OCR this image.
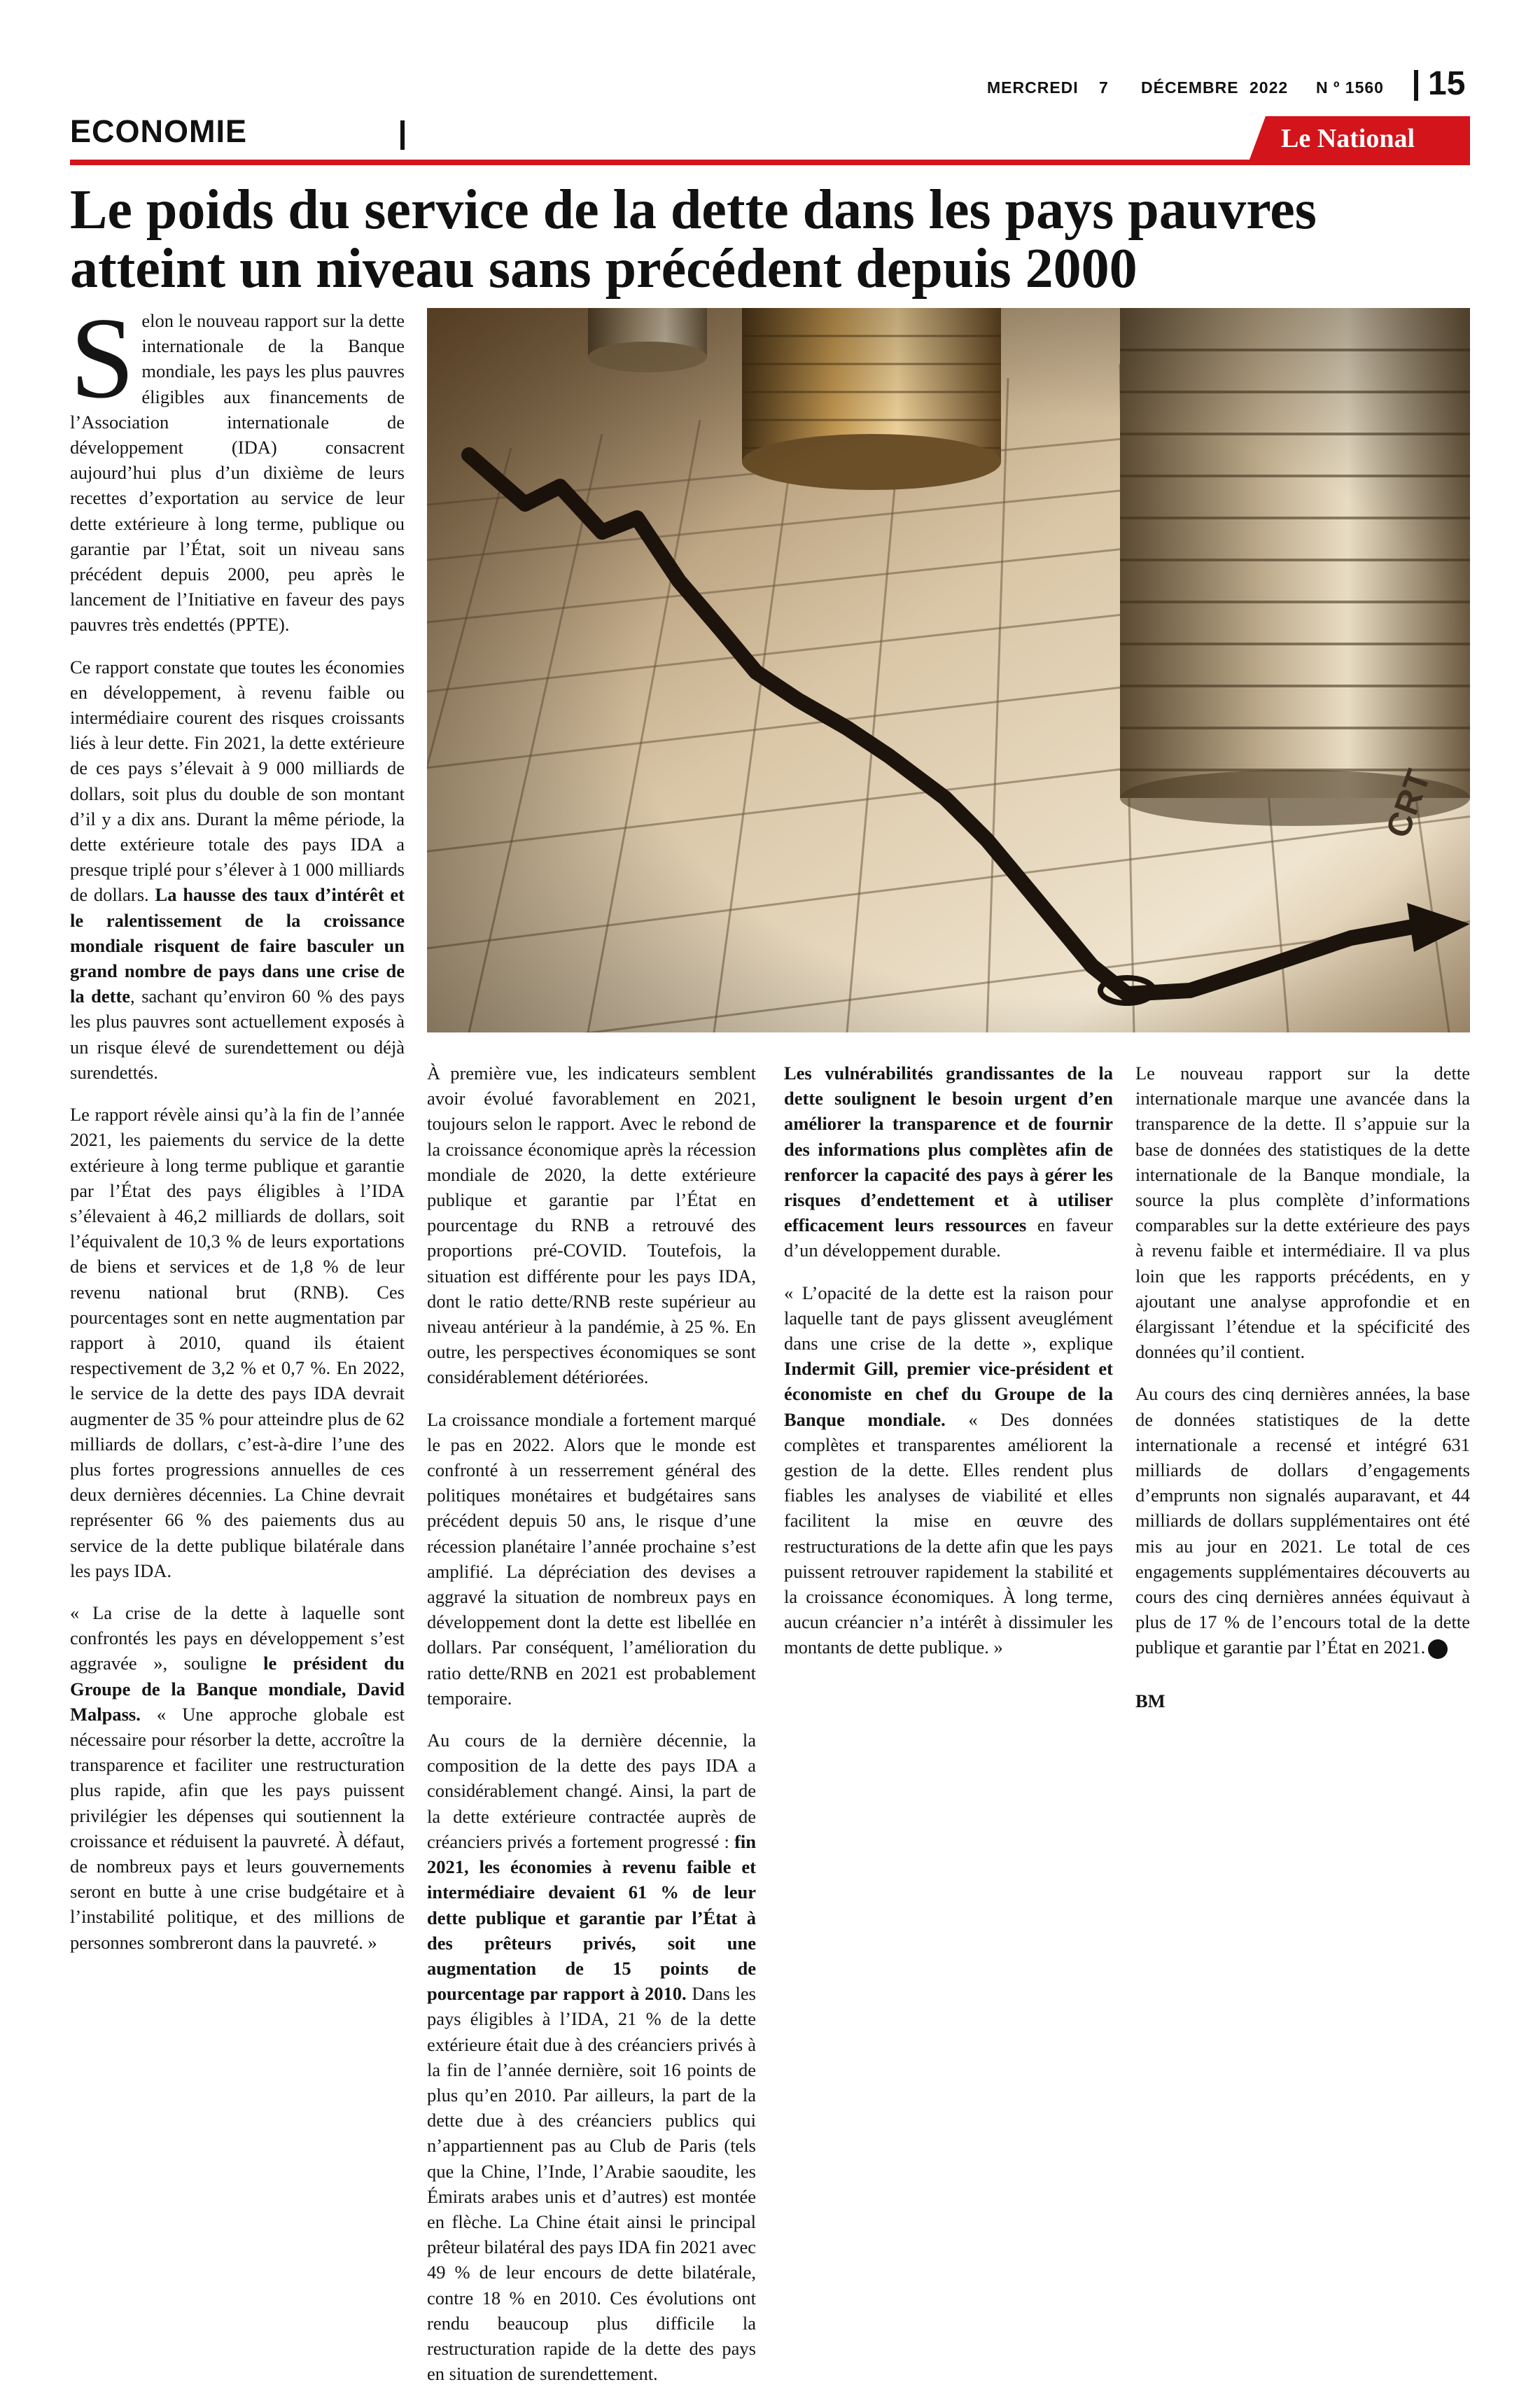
MERCREDI 7 DÉCEMBRE 2022 N º 1560 15
ECONOMIE	Le National
Le poids du service de la dette dans les pays pauvres atteint un niveau sans précédent depuis 2000

Selon le nouveau rapport sur la dette internationale de la Banque mondiale, les pays les plus pauvres éligibles aux financements de l’Association internationale de développement (IDA) consacrent aujourd’hui plus d’un dixième de leurs recettes d’exportation au service de leur dette extérieure à long terme, publique ou garantie par l’État, soit un niveau sans précédent depuis 2000, peu après le lancement de l’Initiative en faveur des pays pauvres très endettés (PPTE).

Ce rapport constate que toutes les économies en développement, à revenu faible ou intermédiaire courent des risques croissants liés à leur dette. Fin 2021, la dette extérieure de ces pays s’élevait à 9 000 milliards de dollars, soit plus du double de son montant d’il y a dix ans. Durant la même période, la dette extérieure totale des pays IDA a presque triplé pour s’élever à 1 000 milliards de dollars. La hausse des taux d’intérêt et le ralentissement de la croissance mondiale risquent de faire basculer un grand nombre de pays dans une crise de la dette, sachant qu’environ 60 % des pays les plus pauvres sont actuellement exposés à un risque élevé de surendettement ou déjà surendettés.

Le rapport révèle ainsi qu’à la fin de l’année 2021, les paiements du service de la dette extérieure à long terme publique et garantie par l’État des pays éligibles à l’IDA s’élevaient à 46,2 milliards de dollars, soit l’équivalent de 10,3 % de leurs exportations de biens et services et de 1,8 % de leur revenu national brut (RNB). Ces pourcentages sont en nette augmentation par rapport à 2010, quand ils étaient respectivement de 3,2 % et 0,7 %. En 2022, le service de la dette des pays IDA devrait augmenter de 35 % pour atteindre plus de 62 milliards de dollars, c’est-à-dire l’une des plus fortes progressions annuelles de ces deux dernières décennies. La Chine devrait représenter 66 % des paiements dus au service de la dette publique bilatérale dans les pays IDA.

« La crise de la dette à laquelle sont confrontés les pays en développement s’est aggravée », souligne le président du Groupe de la Banque mondiale, David Malpass. « Une approche globale est nécessaire pour résorber la dette, accroître la transparence et faciliter une restructuration plus rapide, afin que les pays puissent privilégier les dépenses qui soutiennent la croissance et réduisent la pauvreté. À défaut, de nombreux pays et leurs gouvernements seront en butte à une crise budgétaire et à l’instabilité politique, et des millions de personnes sombreront dans la pauvreté. »

À première vue, les indicateurs semblent avoir évolué favorablement en 2021, toujours selon le rapport. Avec le rebond de la croissance économique après la récession mondiale de 2020, la dette extérieure publique et garantie par l’État en pourcentage du RNB a retrouvé des proportions pré-COVID. Toutefois, la situation est différente pour les pays IDA, dont le ratio dette/RNB reste supérieur au niveau antérieur à la pandémie, à 25 %. En outre, les perspectives économiques se sont considérablement détériorées.

La croissance mondiale a fortement marqué le pas en 2022. Alors que le monde est confronté à un resserrement général des politiques monétaires et budgétaires sans précédent depuis 50 ans, le risque d’une récession planétaire l’année prochaine s’est amplifié. La dépréciation des devises a aggravé la situation de nombreux pays en développement dont la dette est libellée en dollars. Par conséquent, l’amélioration du ratio dette/RNB en 2021 est probablement temporaire.

Au cours de la dernière décennie, la composition de la dette des pays IDA a considérablement changé. Ainsi, la part de la dette extérieure contractée auprès de créanciers privés a fortement progressé : fin 2021, les économies à revenu faible et intermédiaire devaient 61 % de leur dette publique et garantie par l’État à des prêteurs privés, soit une augmentation de 15 points de pourcentage par rapport à 2010. Dans les pays éligibles à l’IDA, 21 % de la dette extérieure était due à des créanciers privés à la fin de l’année dernière, soit 16 points de plus qu’en 2010. Par ailleurs, la part de la dette due à des créanciers publics qui n’appartiennent pas au Club de Paris (tels que la Chine, l’Inde, l’Arabie saoudite, les Émirats arabes unis et d’autres) est montée en flèche. La Chine était ainsi le principal prêteur bilatéral des pays IDA fin 2021 avec 49 % de leur encours de dette bilatérale, contre 18 % en 2010. Ces évolutions ont rendu beaucoup plus difficile la restructuration rapide de la dette des pays en situation de surendettement.

Les vulnérabilités grandissantes de la dette soulignent le besoin urgent d’en améliorer la transparence et de fournir des informations plus complètes afin de renforcer la capacité des pays à gérer les risques d’endettement et à utiliser efficacement leurs ressources en faveur d’un développement durable.

« L’opacité de la dette est la raison pour laquelle tant de pays glissent aveuglément dans une crise de la dette », explique Indermit Gill, premier vice-président et économiste en chef du Groupe de la Banque mondiale. « Des données complètes et transparentes améliorent la gestion de la dette. Elles rendent plus fiables les analyses de viabilité et elles facilitent la mise en œuvre des restructurations de la dette afin que les pays puissent retrouver rapidement la stabilité et la croissance économiques. À long terme, aucun créancier n’a intérêt à dissimuler les montants de dette publique. »

Le nouveau rapport sur la dette internationale marque une avancée dans la transparence de la dette. Il s’appuie sur la base de données des statistiques de la dette internationale de la Banque mondiale, la source la plus complète d’informations comparables sur la dette extérieure des pays à revenu faible et intermédiaire. Il va plus loin que les rapports précédents, en y ajoutant une analyse approfondie et en élargissant l’étendue et la spécificité des données qu’il contient.

Au cours des cinq dernières années, la base de données statistiques de la dette internationale a recensé et intégré 631 milliards de dollars d’engagements d’emprunts non signalés auparavant, et 44 milliards de dollars supplémentaires ont été mis au jour en 2021. Le total de ces engagements supplémentaires découverts au cours des cinq dernières années équivaut à plus de 17 % de l’encours total de la dette publique et garantie par l’État en 2021.

BM
